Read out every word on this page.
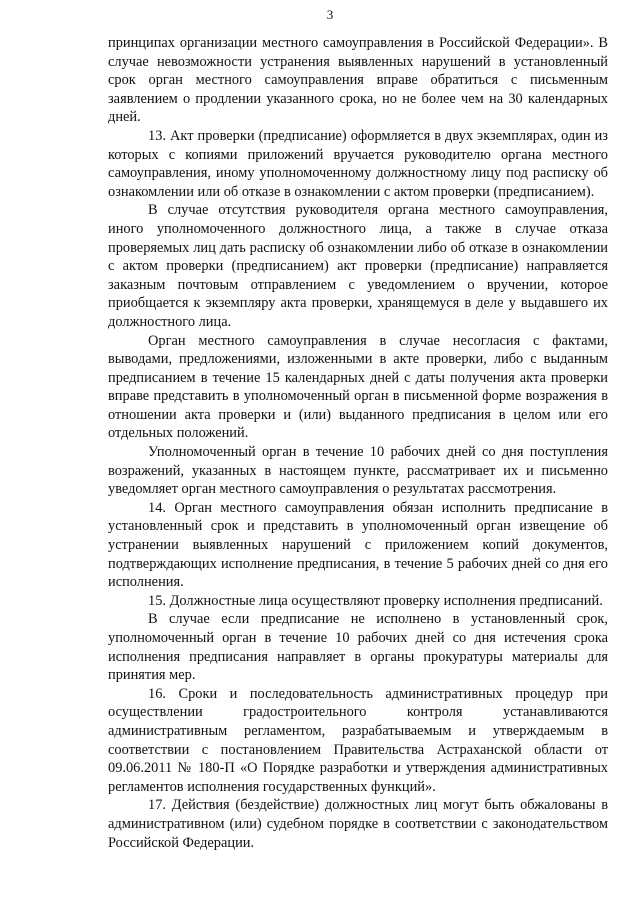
3

принципах организации местного самоуправления в Российской Федерации». В случае невозможности устранения выявленных нарушений в установленный срок орган местного самоуправления вправе обратиться с письменным заявлением о продлении указанного срока, но не более чем на 30 календарных дней.

13. Акт проверки (предписание) оформляется в двух экземплярах, один из которых с копиями приложений вручается руководителю органа местного самоуправления, иному уполномоченному должностному лицу под расписку об ознакомлении или об отказе в ознакомлении с актом проверки (предписанием).

В случае отсутствия руководителя органа местного самоуправления, иного уполномоченного должностного лица, а также в случае отказа проверяемых лиц дать расписку об ознакомлении либо об отказе в ознакомлении с актом проверки (предписанием) акт проверки (предписание) направляется заказным почтовым отправлением с уведомлением о вручении, которое приобщается к экземпляру акта проверки, хранящемуся в деле у выдавшего их должностного лица.

Орган местного самоуправления в случае несогласия с фактами, выводами, предложениями, изложенными в акте проверки, либо с выданным предписанием в течение 15 календарных дней с даты получения акта проверки вправе представить в уполномоченный орган в письменной форме возражения в отношении акта проверки и (или) выданного предписания в целом или его отдельных положений.

Уполномоченный орган в течение 10 рабочих дней со дня поступления возражений, указанных в настоящем пункте, рассматривает их и письменно уведомляет орган местного самоуправления о результатах рассмотрения.

14. Орган местного самоуправления обязан исполнить предписание в установленный срок и представить в уполномоченный орган извещение об устранении выявленных нарушений с приложением копий документов, подтверждающих исполнение предписания, в течение 5 рабочих дней со дня его исполнения.

15. Должностные лица осуществляют проверку исполнения предписаний.

В случае если предписание не исполнено в установленный срок, уполномоченный орган в течение 10 рабочих дней со дня истечения срока исполнения предписания направляет в органы прокуратуры материалы для принятия мер.

16. Сроки и последовательность административных процедур при осуществлении градостроительного контроля устанавливаются административным регламентом, разрабатываемым и утверждаемым в соответствии с постановлением Правительства Астраханской области от 09.06.2011 № 180-П «О Порядке разработки и утверждения административных регламентов исполнения государственных функций».

17. Действия (бездействие) должностных лиц могут быть обжалованы в административном (или) судебном порядке в соответствии с законодательством Российской Федерации.
